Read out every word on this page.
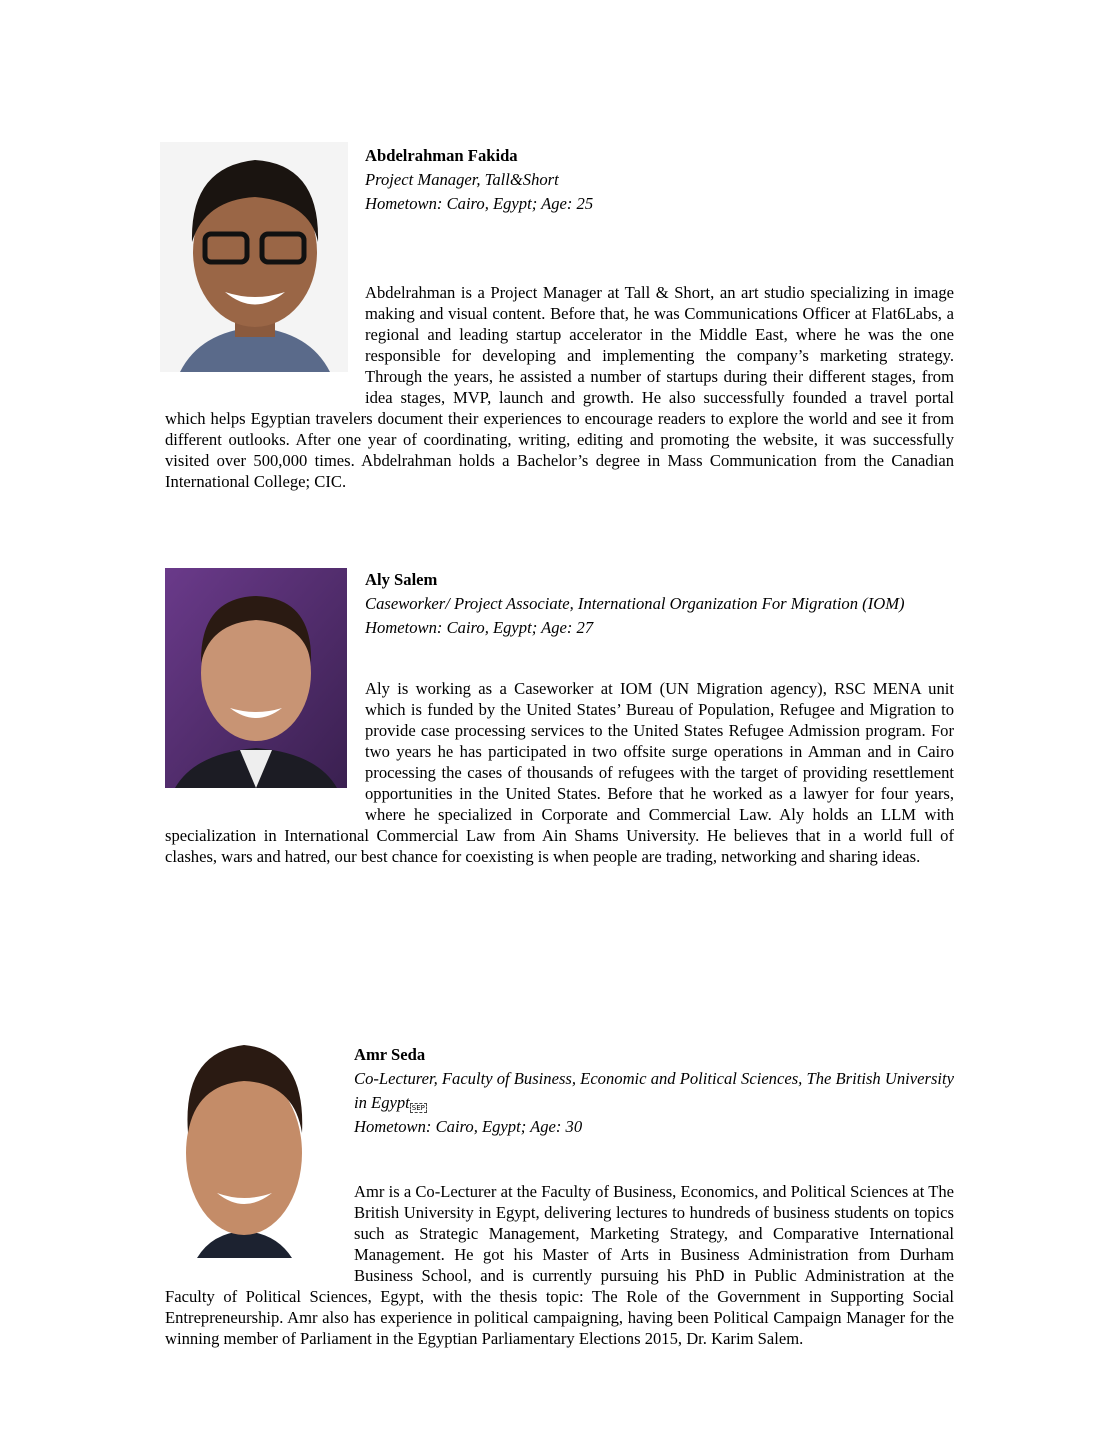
Abdelrahman Fakida
Project Manager, Tall&Short
Hometown: Cairo, Egypt; Age: 25

Abdelrahman is a Project Manager at Tall & Short, an art studio specializing in image making and visual content. Before that, he was Communications Officer at Flat6Labs, a regional and leading startup accelerator in the Middle East, where he was the one responsible for developing and implementing the company’s marketing strategy. Through the years, he assisted a number of startups during their different stages, from idea stages, MVP, launch and growth. He also successfully founded a travel portal which helps Egyptian travelers document their experiences to encourage readers to explore the world and see it from different outlooks. After one year of coordinating, writing, editing and promoting the website, it was successfully visited over 500,000 times. Abdelrahman holds a Bachelor’s degree in Mass Communication from the Canadian International College; CIC.

Aly Salem
Caseworker/ Project Associate, International Organization For Migration (IOM)
Hometown: Cairo, Egypt; Age: 27

Aly is working as a Caseworker at IOM (UN Migration agency), RSC MENA unit which is funded by the United States’ Bureau of Population, Refugee and Migration to provide case processing services to the United States Refugee Admission program. For two years he has participated in two offsite surge operations in Amman and in Cairo processing the cases of thousands of refugees with the target of providing resettlement opportunities in the United States. Before that he worked as a lawyer for four years, where he specialized in Corporate and Commercial Law. Aly holds an LLM with specialization in International Commercial Law from Ain Shams University. He believes that in a world full of clashes, wars and hatred, our best chance for coexisting is when people are trading, networking and sharing ideas.

Amr Seda
Co-Lecturer, Faculty of Business, Economic and Political Sciences, The British University in Egypt SEP
Hometown: Cairo, Egypt; Age: 30

Amr is a Co-Lecturer at the Faculty of Business, Economics, and Political Sciences at The British University in Egypt, delivering lectures to hundreds of business students on topics such as Strategic Management, Marketing Strategy, and Comparative International Management. He got his Master of Arts in Business Administration from Durham Business School, and is currently pursuing his PhD in Public Administration at the Faculty of Political Sciences, Egypt, with the thesis topic: The Role of the Government in Supporting Social Entrepreneurship. Amr also has experience in political campaigning, having been Political Campaign Manager for the winning member of Parliament in the Egyptian Parliamentary Elections 2015, Dr. Karim Salem.
